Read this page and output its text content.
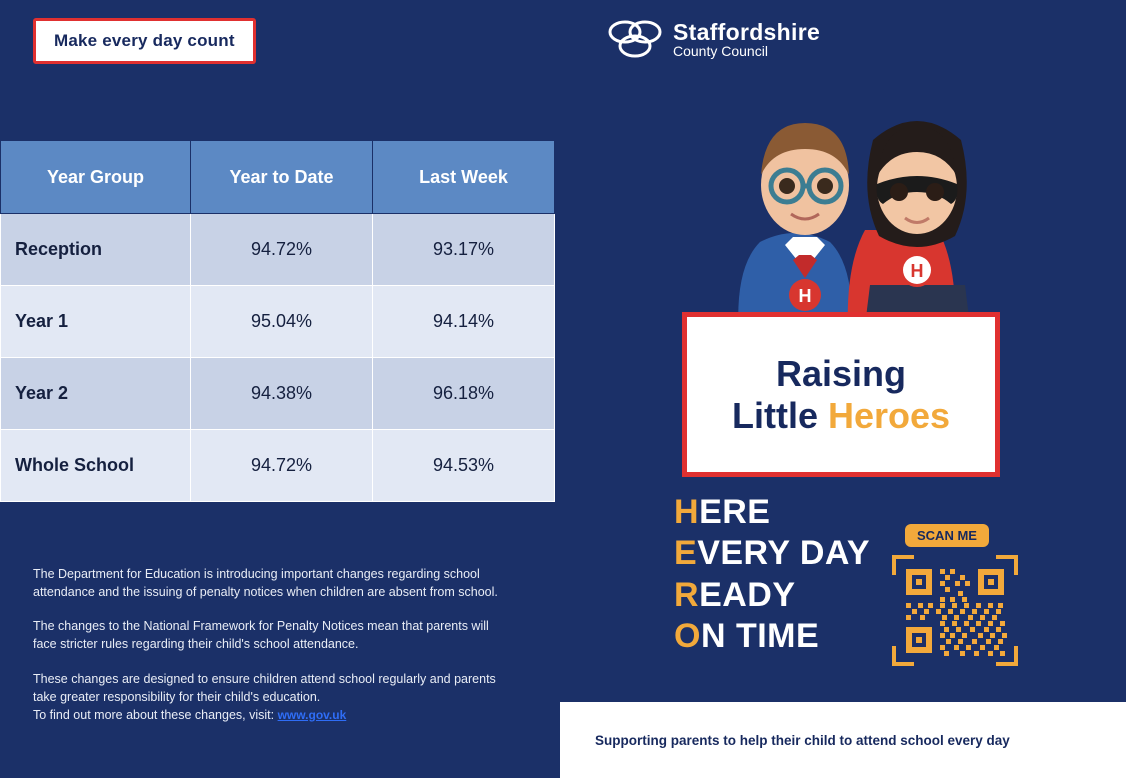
Make every day count
Year Group	Year to Date	Last Week
Reception	94.72%	93.17%
Year 1	95.04%	94.14%
Year 2	94.38%	96.18%
Whole School	94.72%	94.53%

The Department for Education is introducing important changes regarding school attendance and the issuing of penalty notices when children are absent from school.

The changes to the National Framework for Penalty Notices mean that parents will face stricter rules regarding their child's school attendance.

These changes are designed to ensure children attend school regularly and parents take greater responsibility for their child's education.
To find out more about these changes, visit: www.gov.uk

Staffordshire
County Council
H
H
Raising
Little Heroes
HERE
EVERY DAY
READY
ON TIME
SCAN ME
Supporting parents to help their child to attend school every day
